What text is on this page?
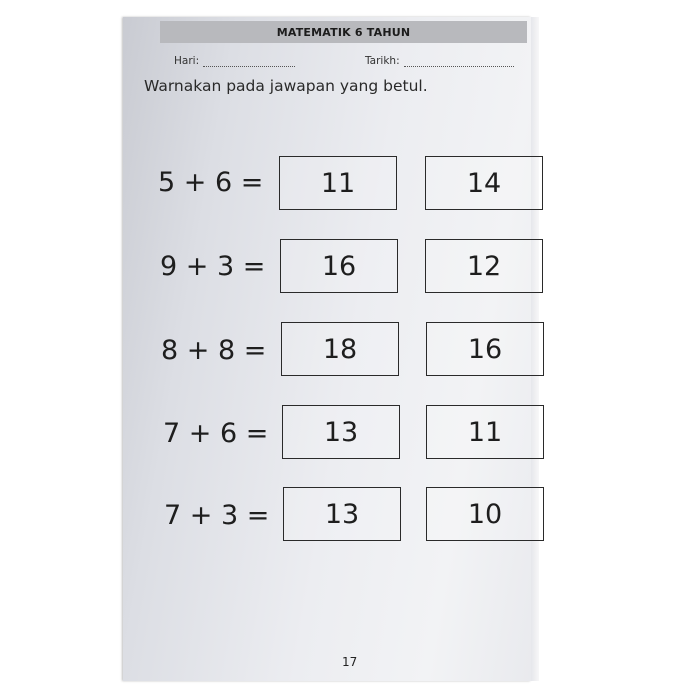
MATEMATIK 6 TAHUN
Hari:	Tarikh:
Warnakan pada jawapan yang betul.
5 + 6 =	11	14
9 + 3 =	16	12
8 + 8 =	18	16
7 + 6 =	13	11
7 + 3 =	13	10
17
